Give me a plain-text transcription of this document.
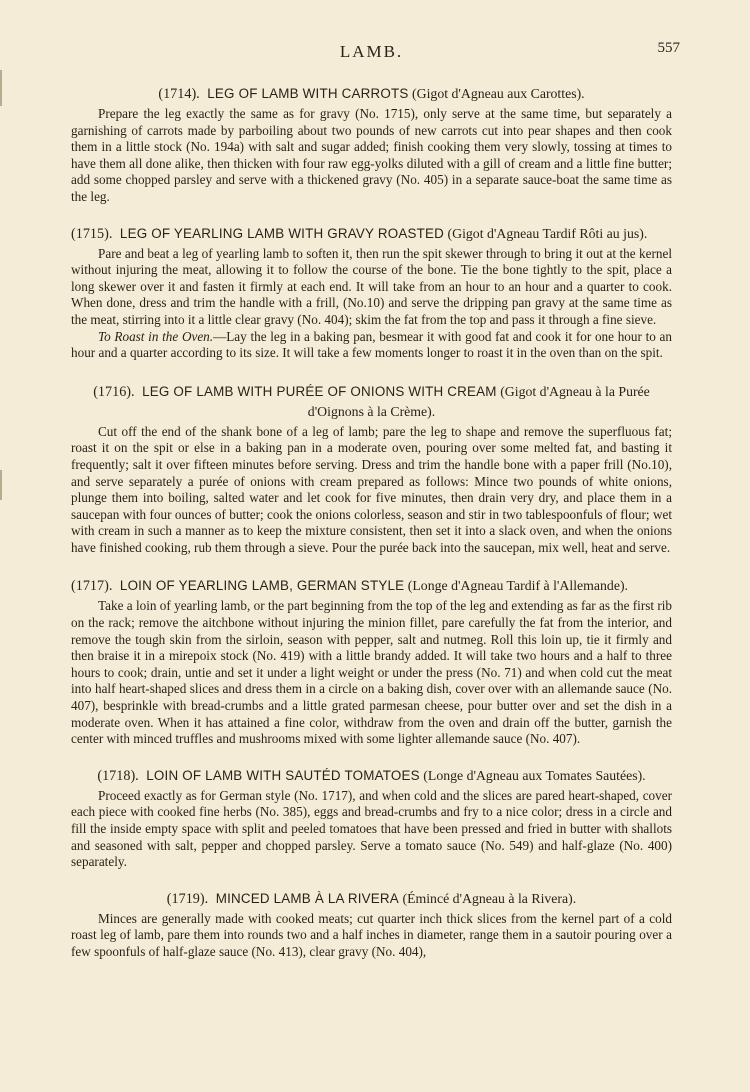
LAMB.	557
(1714). LEG OF LAMB WITH CARROTS (Gigot d'Agneau aux Carottes).

Prepare the leg exactly the same as for gravy (No. 1715), only serve at the same time, but separately a garnishing of carrots made by parboiling about two pounds of new carrots cut into pear shapes and then cook them in a little stock (No. 194a) with salt and sugar added; finish cooking them very slowly, tossing at times to have them all done alike, then thicken with four raw egg-yolks diluted with a gill of cream and a little fine butter; add some chopped parsley and serve with a thickened gravy (No. 405) in a separate sauce-boat the same time as the leg.

(1715). LEG OF YEARLING LAMB WITH GRAVY ROASTED (Gigot d'Agneau Tardif Rôti au jus).

Pare and beat a leg of yearling lamb to soften it, then run the spit skewer through to bring it out at the kernel without injuring the meat, allowing it to follow the course of the bone. Tie the bone tightly to the spit, place a long skewer over it and fasten it firmly at each end. It will take from an hour to an hour and a quarter to cook. When done, dress and trim the handle with a frill, (No.10) and serve the dripping pan gravy at the same time as the meat, stirring into it a little clear gravy (No. 404); skim the fat from the top and pass it through a fine sieve.

To Roast in the Oven.—Lay the leg in a baking pan, besmear it with good fat and cook it for one hour to an hour and a quarter according to its size. It will take a few moments longer to roast it in the oven than on the spit.

(1716). LEG OF LAMB WITH PURÉE OF ONIONS WITH CREAM (Gigot d'Agneau à la Purée d'Oignons à la Crème).

Cut off the end of the shank bone of a leg of lamb; pare the leg to shape and remove the superfluous fat; roast it on the spit or else in a baking pan in a moderate oven, pouring over some melted fat, and basting it frequently; salt it over fifteen minutes before serving. Dress and trim the handle bone with a paper frill (No.10), and serve separately a purée of onions with cream prepared as follows: Mince two pounds of white onions, plunge them into boiling, salted water and let cook for five minutes, then drain very dry, and place them in a saucepan with four ounces of butter; cook the onions colorless, season and stir in two tablespoonfuls of flour; wet with cream in such a manner as to keep the mixture consistent, then set it into a slack oven, and when the onions have finished cooking, rub them through a sieve. Pour the purée back into the saucepan, mix well, heat and serve.

(1717). LOIN OF YEARLING LAMB, GERMAN STYLE (Longe d'Agneau Tardif à l'Allemande).

Take a loin of yearling lamb, or the part beginning from the top of the leg and extending as far as the first rib on the rack; remove the aitchbone without injuring the minion fillet, pare carefully the fat from the interior, and remove the tough skin from the sirloin, season with pepper, salt and nutmeg. Roll this loin up, tie it firmly and then braise it in a mirepoix stock (No. 419) with a little brandy added. It will take two hours and a half to three hours to cook; drain, untie and set it under a light weight or under the press (No. 71) and when cold cut the meat into half heart-shaped slices and dress them in a circle on a baking dish, cover over with an allemande sauce (No. 407), besprinkle with bread-crumbs and a little grated parmesan cheese, pour butter over and set the dish in a moderate oven. When it has attained a fine color, withdraw from the oven and drain off the butter, garnish the center with minced truffles and mushrooms mixed with some lighter allemande sauce (No. 407).

(1718). LOIN OF LAMB WITH SAUTÉD TOMATOES (Longe d'Agneau aux Tomates Sautées).

Proceed exactly as for German style (No. 1717), and when cold and the slices are pared heart-shaped, cover each piece with cooked fine herbs (No. 385), eggs and bread-crumbs and fry to a nice color; dress in a circle and fill the inside empty space with split and peeled tomatoes that have been pressed and fried in butter with shallots and seasoned with salt, pepper and chopped parsley. Serve a tomato sauce (No. 549) and half-glaze (No. 400) separately.

(1719). MINCED LAMB À LA RIVERA (Émincé d'Agneau à la Rivera).

Minces are generally made with cooked meats; cut quarter inch thick slices from the kernel part of a cold roast leg of lamb, pare them into rounds two and a half inches in diameter, range them in a sautoir pouring over a few spoonfuls of half-glaze sauce (No. 413), clear gravy (No. 404),
